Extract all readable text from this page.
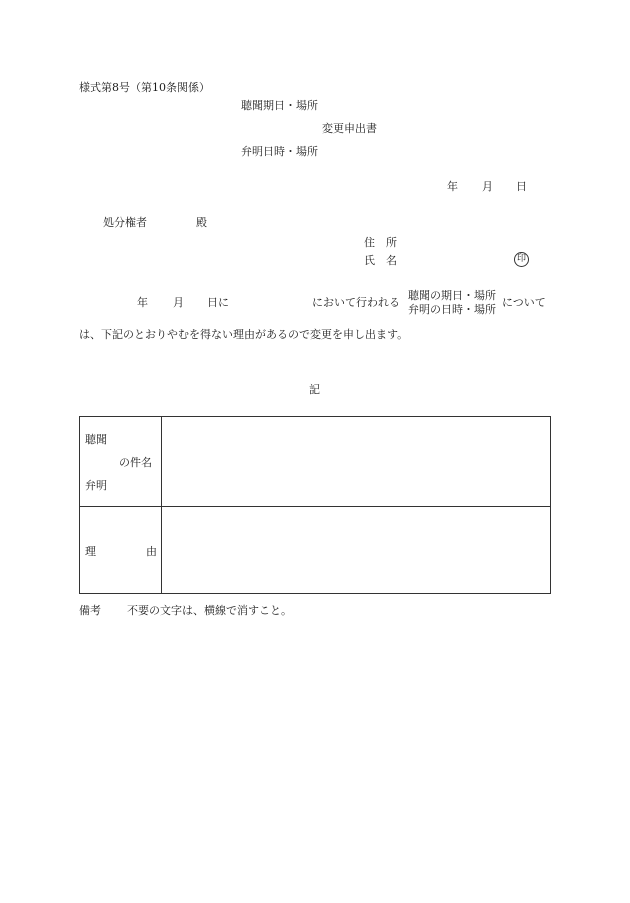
様式第8号（第10条関係）
聴聞期日・場所
変更申出書
弁明日時・場所
年 月 日
処分権者	殿
住　所
氏　名	印
年 月 日に	において行われる
聴聞の期日・場所
弁明の日時・場所
について
は、下記のとおりやむを得ない理由があるので変更を申し出ます。
記
聴聞
の件名
弁明
理	由
備考 不要の文字は、横線で消すこと。
